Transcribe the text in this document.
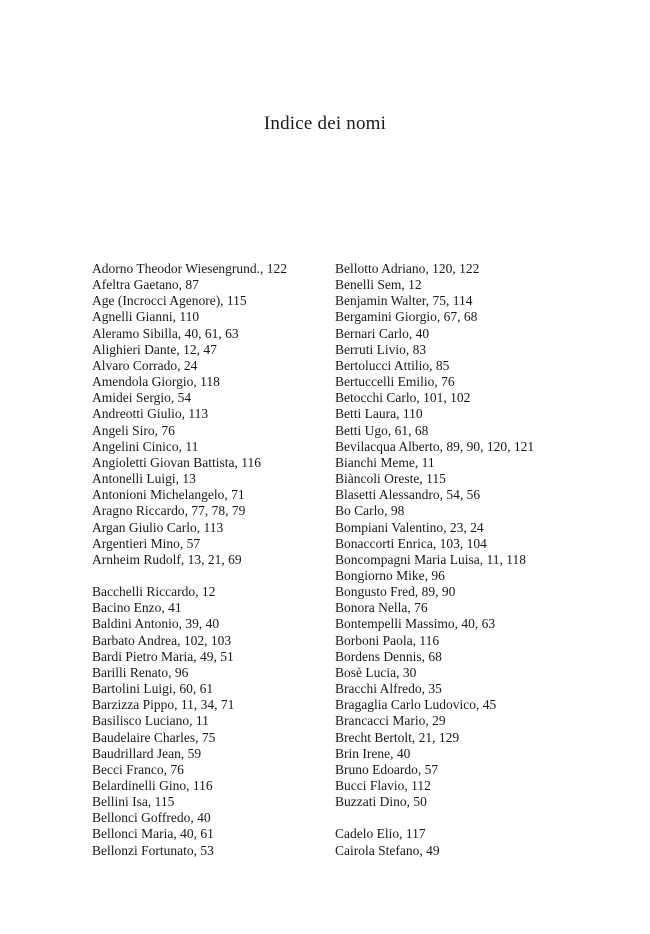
Indice dei nomi
Adorno Theodor Wiesengrund., 122
Afeltra Gaetano, 87
Age (Incrocci Agenore), 115
Agnelli Gianni, 110
Aleramo Sibilla, 40, 61, 63
Alighieri Dante, 12, 47
Alvaro Corrado, 24
Amendola Giorgio, 118
Amidei Sergio, 54
Andreotti Giulio, 113
Angeli Siro, 76
Angelini Cinico, 11
Angioletti Giovan Battista, 116
Antonelli Luigi, 13
Antonioni Michelangelo, 71
Aragno Riccardo, 77, 78, 79
Argan Giulio Carlo, 113
Argentieri Mino, 57
Arnheim Rudolf, 13, 21, 69
Bacchelli Riccardo, 12
Bacino Enzo, 41
Baldini Antonio, 39, 40
Barbato Andrea, 102, 103
Bardi Pietro Maria, 49, 51
Barilli Renato, 96
Bartolini Luigi, 60, 61
Barzizza Pippo, 11, 34, 71
Basilisco Luciano, 11
Baudelaire Charles, 75
Baudrillard Jean, 59
Becci Franco, 76
Belardinelli Gino, 116
Bellini Isa, 115
Bellonci Goffredo, 40
Bellonci Maria, 40, 61
Bellonzi Fortunato, 53
Bellotto Adriano, 120, 122
Benelli Sem, 12
Benjamin Walter, 75, 114
Bergamini Giorgio, 67, 68
Bernari Carlo, 40
Berruti Livio, 83
Bertolucci Attilio, 85
Bertuccelli Emilio, 76
Betocchi Carlo, 101, 102
Betti Laura, 110
Betti Ugo, 61, 68
Bevilacqua Alberto, 89, 90, 120, 121
Bianchi Meme, 11
Biàncoli Oreste, 115
Blasetti Alessandro, 54, 56
Bo Carlo, 98
Bompiani Valentino, 23, 24
Bonaccorti Enrica, 103, 104
Boncompagni Maria Luisa, 11, 118
Bongiorno Mike, 96
Bongusto Fred, 89, 90
Bonora Nella, 76
Bontempelli Massimo, 40, 63
Borboni Paola, 116
Bordens Dennis, 68
Bosè Lucia, 30
Bracchi Alfredo, 35
Bragaglia Carlo Ludovico, 45
Brancacci Mario, 29
Brecht Bertolt, 21, 129
Brin Irene, 40
Bruno Edoardo, 57
Bucci Flavio, 112
Buzzati Dino, 50
Cadelo Elio, 117
Cairola Stefano, 49
